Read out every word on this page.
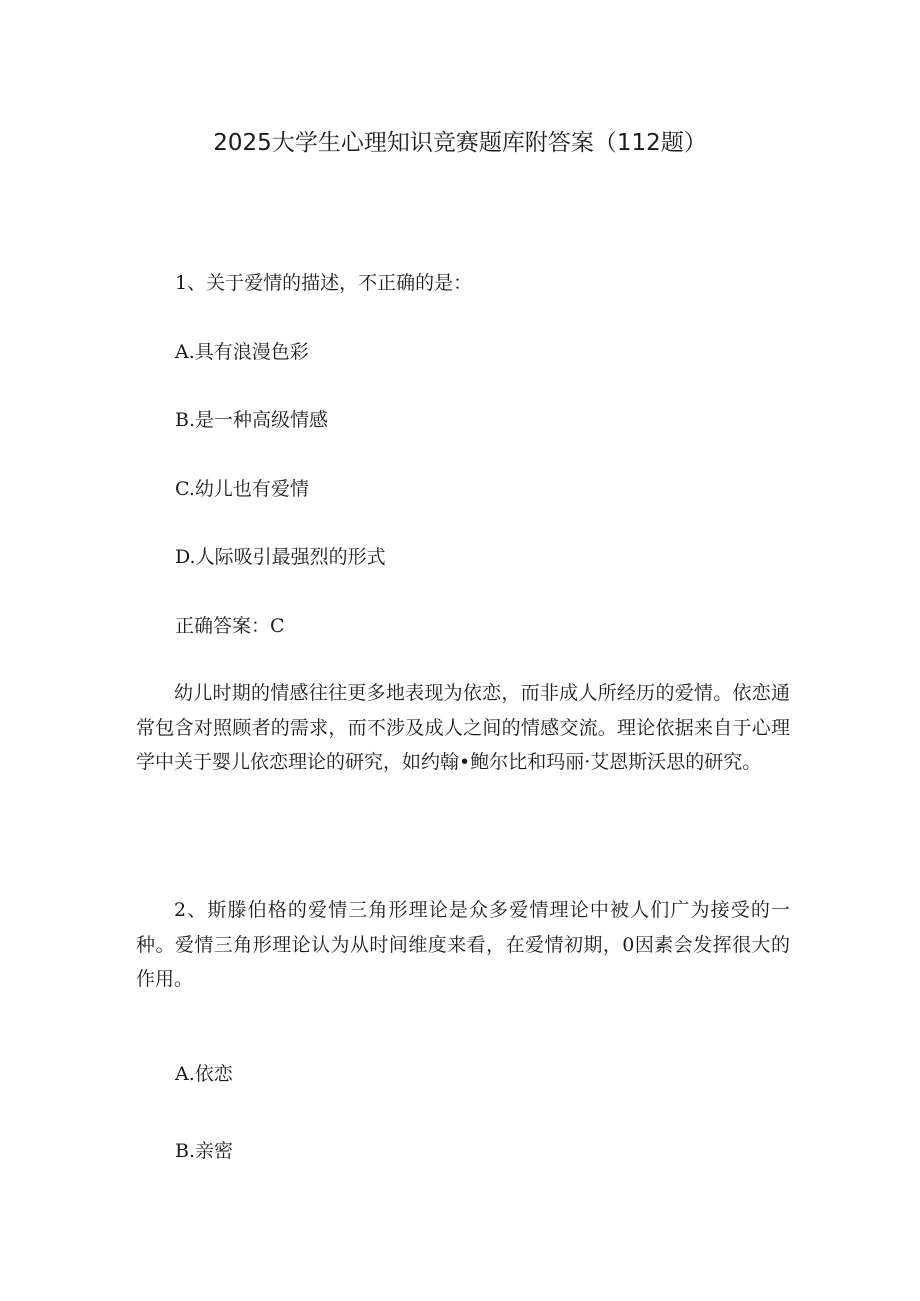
2025大学生心理知识竞赛题库附答案（112题）
1、关于爱情的描述，不正确的是：
A.具有浪漫色彩
B.是一种高级情感
C.幼儿也有爱情
D.人际吸引最强烈的形式
正确答案：C
幼儿时期的情感往往更多地表现为依恋，而非成人所经历的爱情。依恋通常包含对照顾者的需求，而不涉及成人之间的情感交流。理论依据来自于心理学中关于婴儿依恋理论的研究，如约翰•鲍尔比和玛丽·艾恩斯沃思的研究。
2、斯滕伯格的爱情三角形理论是众多爱情理论中被人们广为接受的一种。爱情三角形理论认为从时间维度来看，在爱情初期，0因素会发挥很大的作用。
A.依恋
B.亲密
